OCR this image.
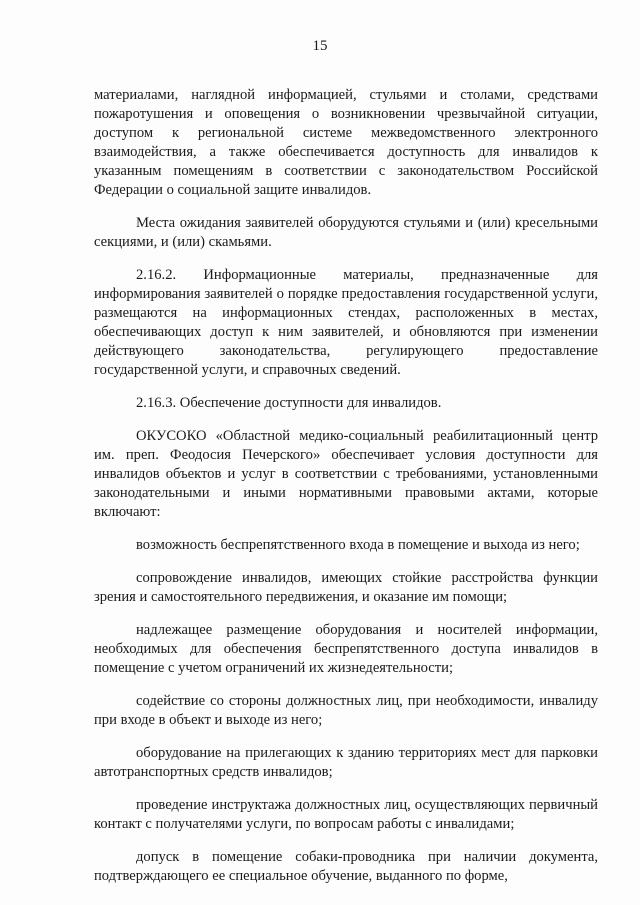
15

материалами, наглядной информацией, стульями и столами, средствами пожаротушения и оповещения о возникновении чрезвычайной ситуации, доступом к региональной системе межведомственного электронного взаимодействия, а также обеспечивается доступность для инвалидов к указанным помещениям в соответствии с законодательством Российской Федерации о социальной защите инвалидов.

Места ожидания заявителей оборудуются стульями и (или) кресельными секциями, и (или) скамьями.

2.16.2. Информационные материалы, предназначенные для информирования заявителей о порядке предоставления государственной услуги, размещаются на информационных стендах, расположенных в местах, обеспечивающих доступ к ним заявителей, и обновляются при изменении действующего законодательства, регулирующего предоставление государственной услуги, и справочных сведений.

2.16.3. Обеспечение доступности для инвалидов.

ОКУСОКО «Областной медико-социальный реабилитационный центр им. преп. Феодосия Печерского» обеспечивает условия доступности для инвалидов объектов и услуг в соответствии с требованиями, установленными законодательными и иными нормативными правовыми актами, которые включают:

возможность беспрепятственного входа в помещение и выхода из него;

сопровождение инвалидов, имеющих стойкие расстройства функции зрения и самостоятельного передвижения, и оказание им помощи;

надлежащее размещение оборудования и носителей информации, необходимых для обеспечения беспрепятственного доступа инвалидов в помещение с учетом ограничений их жизнедеятельности;

содействие со стороны должностных лиц, при необходимости, инвалиду при входе в объект и выходе из него;

оборудование на прилегающих к зданию территориях мест для парковки автотранспортных средств инвалидов;

проведение инструктажа должностных лиц, осуществляющих первичный контакт с получателями услуги, по вопросам работы с инвалидами;

допуск в помещение собаки-проводника при наличии документа, подтверждающего ее специальное обучение, выданного по форме,
